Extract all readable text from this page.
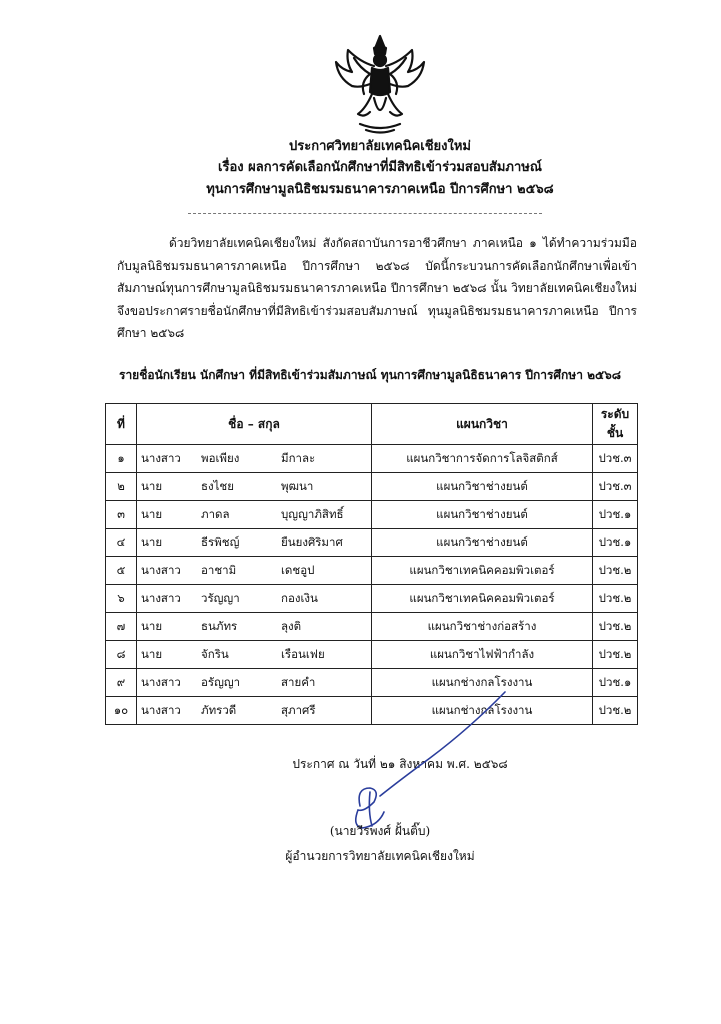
ประกาศวิทยาลัยเทคนิคเชียงใหม่
เรื่อง ผลการคัดเลือกนักศึกษาที่มีสิทธิเข้าร่วมสอบสัมภาษณ์
ทุนการศึกษามูลนิธิชมรมธนาคารภาคเหนือ ปีการศึกษา ๒๕๖๘
ด้วยวิทยาลัยเทคนิคเชียงใหม่ สังกัดสถาบันการอาชีวศึกษา ภาคเหนือ ๑ ได้ทำความร่วมมือกับมูลนิธิชมรมธนาคารภาคเหนือ ปีการศึกษา ๒๕๖๘ บัดนี้กระบวนการคัดเลือกนักศึกษาเพื่อเข้าสัมภาษณ์ทุนการศึกษามูลนิธิชมรมธนาคารภาคเหนือ ปีการศึกษา ๒๕๖๘ นั้น วิทยาลัยเทคนิคเชียงใหม่จึงขอประกาศรายชื่อนักศึกษาที่มีสิทธิเข้าร่วมสอบสัมภาษณ์ ทุนมูลนิธิชมรมธนาคารภาคเหนือ ปีการศึกษา ๒๕๖๘
รายชื่อนักเรียน นักศึกษา ที่มีสิทธิเข้าร่วมสัมภาษณ์ ทุนการศึกษามูลนิธิธนาคาร ปีการศึกษา ๒๕๖๘
ที่	ชื่อ – สกุล			แผนกวิชา	ระดับชั้น
๑	นางสาว	พอเพียง	มีกาละ	แผนกวิชาการจัดการโลจิสติกส์	ปวช.๓
๒	นาย	ธงไชย	พุฒนา	แผนกวิชาช่างยนต์	ปวช.๓
๓	นาย	ภาดล	บุญญาภิสิทธิ์	แผนกวิชาช่างยนต์	ปวช.๑
๔	นาย	ธีรพิชญ์	ยืนยงศิริมาศ	แผนกวิชาช่างยนต์	ปวช.๑
๕	นางสาว	อาชามิ	เดชอูป	แผนกวิชาเทคนิคคอมพิวเตอร์	ปวช.๒
๖	นางสาว	วรัญญา	กองเงิน	แผนกวิชาเทคนิคคอมพิวเตอร์	ปวช.๒
๗	นาย	ธนภัทร	ลุงติ	แผนกวิชาช่างก่อสร้าง	ปวช.๒
๘	นาย	จักริน	เรือนเฟย	แผนกวิชาไฟฟ้ากำลัง	ปวช.๒
๙	นางสาว	อรัญญา	สายคำ	แผนกช่างกลโรงงาน	ปวช.๑
๑๐	นางสาว	ภัทรวดี	สุภาศรี	แผนกช่างกลโรงงาน	ปวช.๒
ประกาศ ณ วันที่ ๒๑ สิงหาคม พ.ศ. ๒๕๖๘
(นายวีรพงศ์ ฝั้นติ๊บ)
ผู้อำนวยการวิทยาลัยเทคนิคเชียงใหม่
